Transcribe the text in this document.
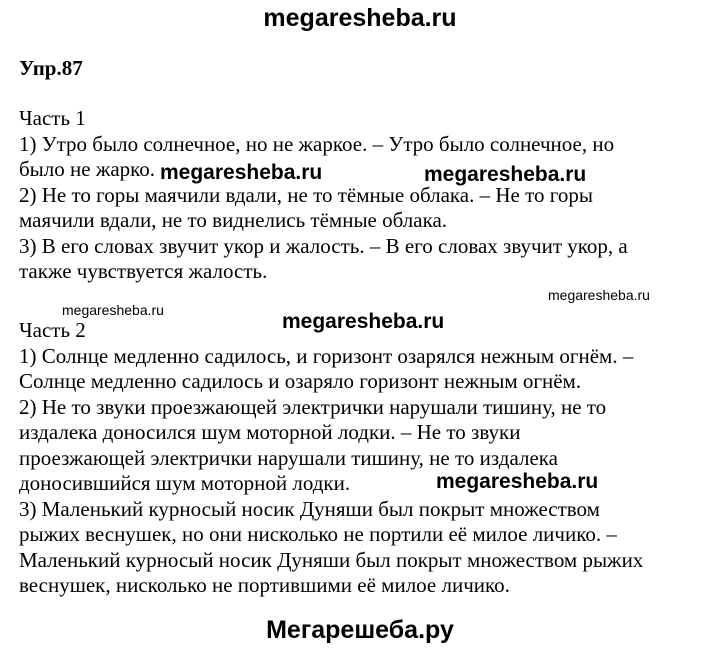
megaresheba.ru
Упр.87
Часть 1
1) Утро было солнечное, но не жаркое. – Утро было солнечное, но
было не жарко.
2) Не то горы маячили вдали, не то тёмные облака. – Не то горы
маячили вдали, не то виднелись тёмные облака.
3) В его словах звучит укор и жалость. – В его словах звучит укор, а
также чувствуется жалость.
Часть 2
1) Солнце медленно садилось, и горизонт озарялся нежным огнём. –
Солнце медленно садилось и озаряло горизонт нежным огнём.
2) Не то звуки проезжающей электрички нарушали тишину, не то
издалека доносился шум моторной лодки. – Не то звуки
проезжающей электрички нарушали тишину, не то издалека
доносившийся шум моторной лодки.
3) Маленький курносый носик Дуняши был покрыт множеством
рыжих веснушек, но они нисколько не портили её милое личико. –
Маленький курносый носик Дуняши был покрыт множеством рыжих
веснушек, нисколько не портившими её милое личико.
megaresheba.ru	megaresheba.ru
megaresheba.ru
megaresheba.ru	megaresheba.ru
megaresheba.ru
Мегарешеба.ру
